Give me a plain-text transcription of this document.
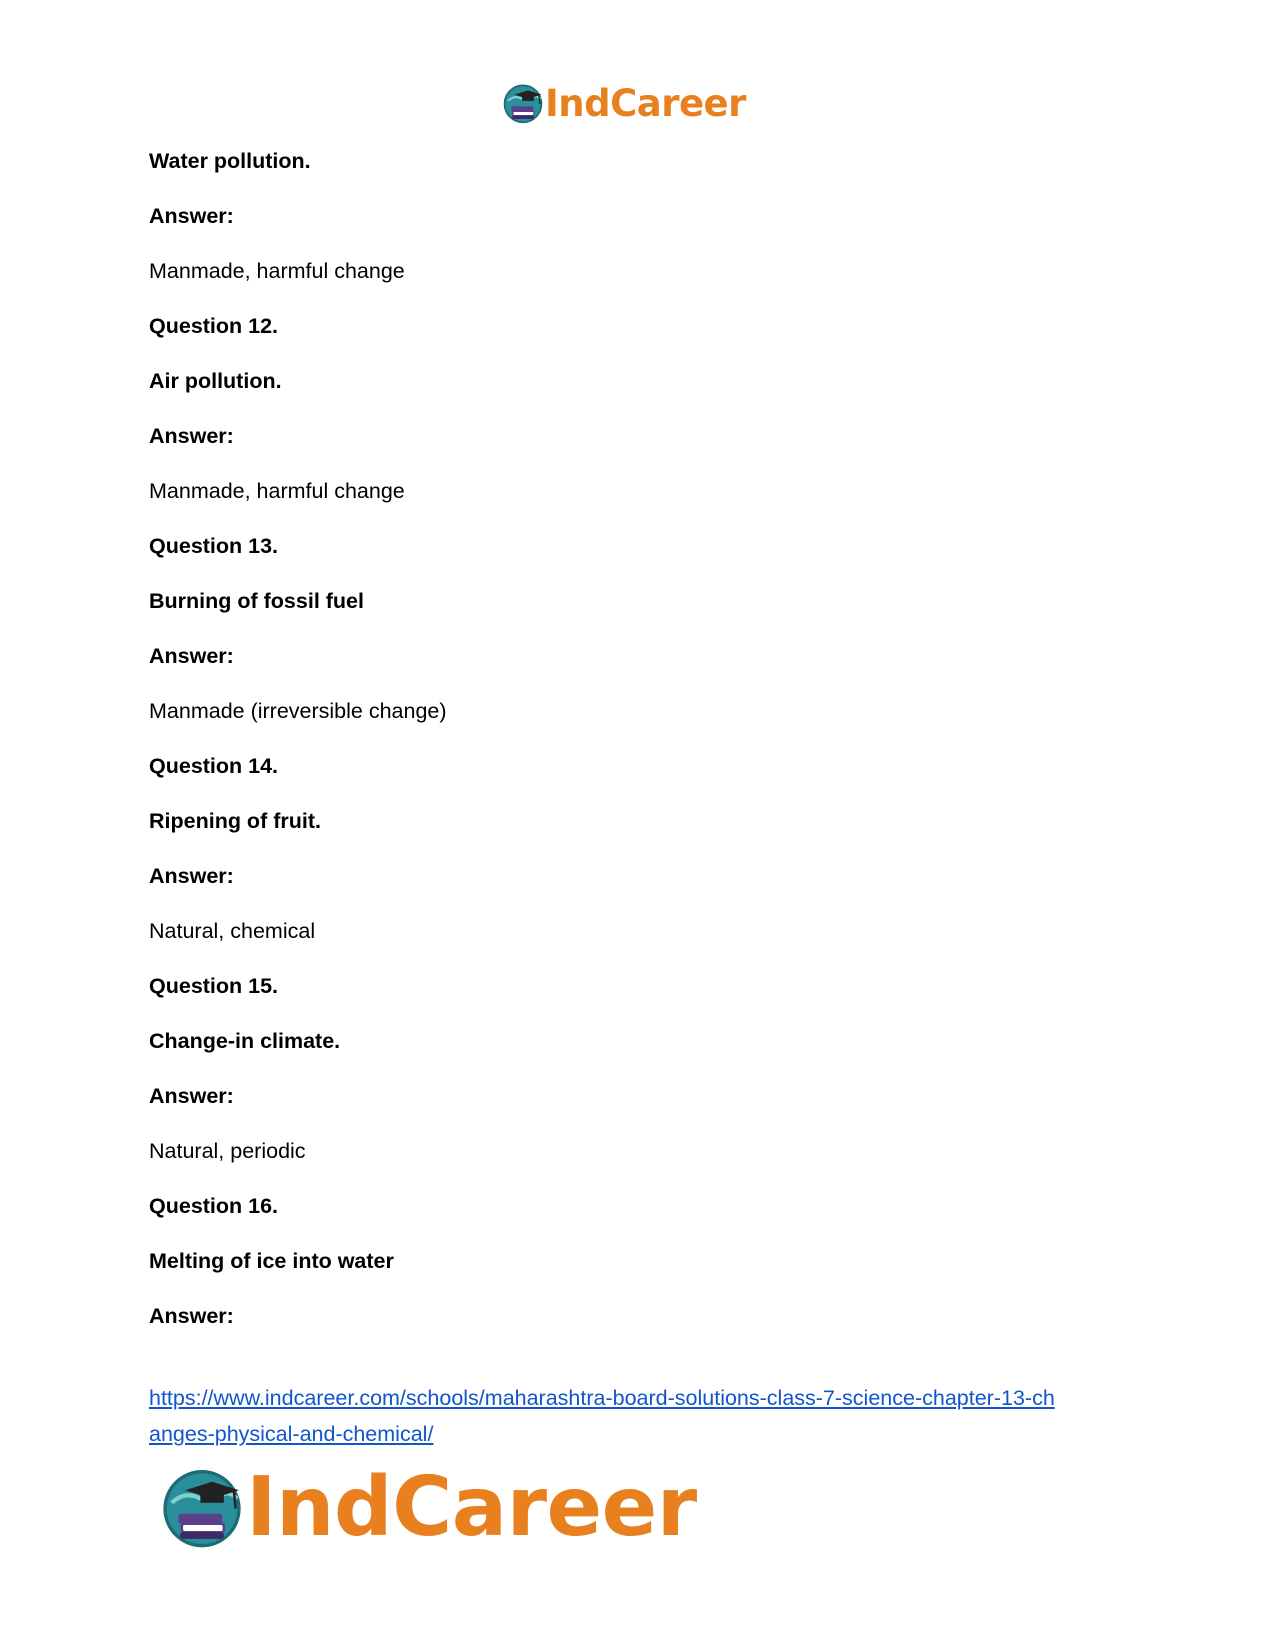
IndCareer
Water pollution.
Answer:
Manmade, harmful change
Question 12.
Air pollution.
Answer:
Manmade, harmful change
Question 13.
Burning of fossil fuel
Answer:
Manmade (irreversible change)
Question 14.
Ripening of fruit.
Answer:
Natural, chemical
Question 15.
Change-in climate.
Answer:
Natural, periodic
Question 16.
Melting of ice into water
Answer:
https://www.indcareer.com/schools/maharashtra-board-solutions-class-7-science-chapter-13-ch
anges-physical-and-chemical/
IndCareer
